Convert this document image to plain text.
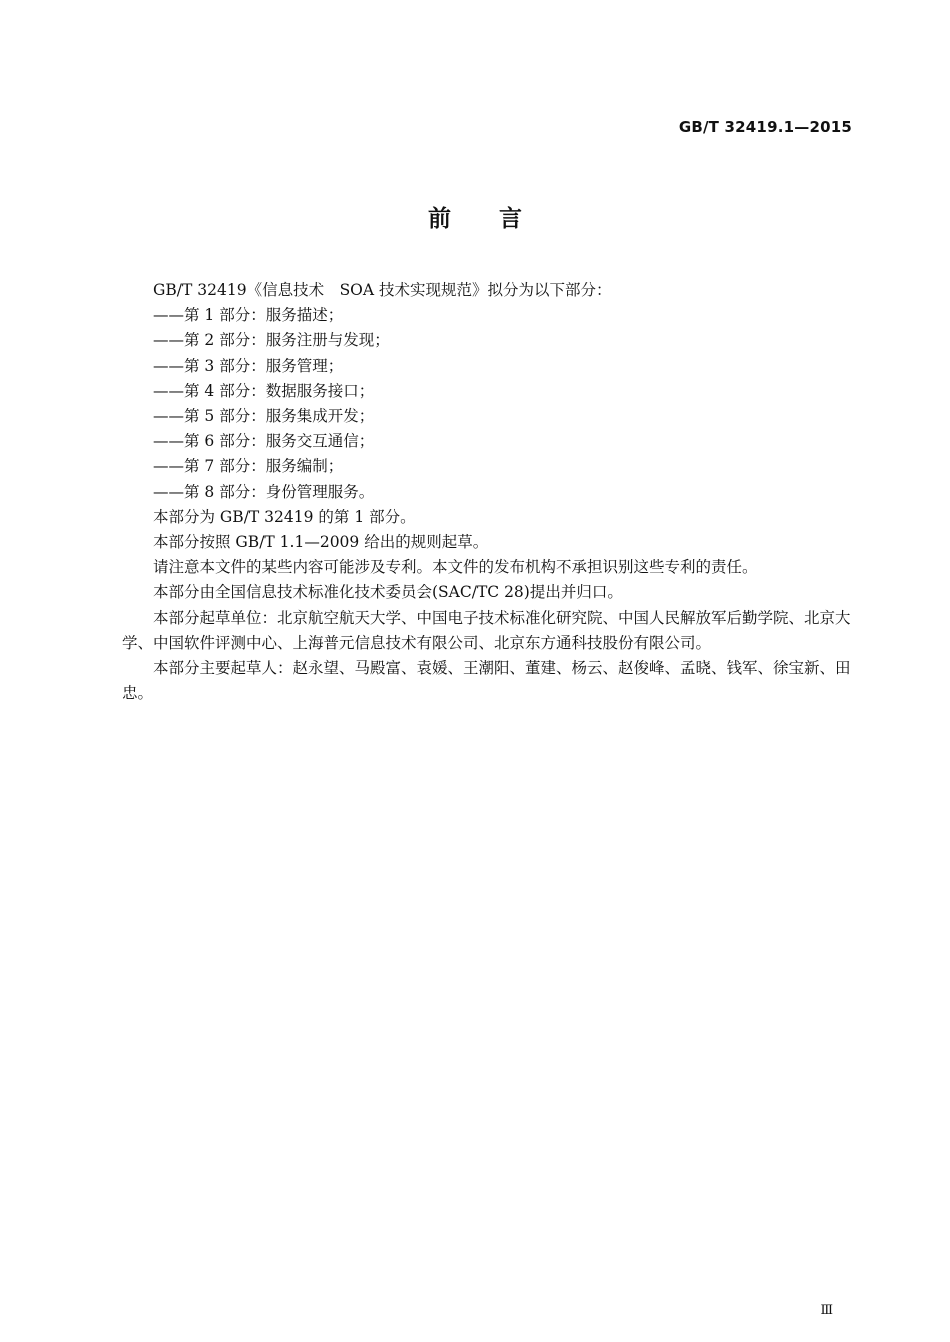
GB/T 32419.1—2015
前言

GB/T 32419《信息技术　SOA 技术实现规范》拟分为以下部分：

——第 1 部分：服务描述；

——第 2 部分：服务注册与发现；

——第 3 部分：服务管理；

——第 4 部分：数据服务接口；

——第 5 部分：服务集成开发；

——第 6 部分：服务交互通信；

——第 7 部分：服务编制；

——第 8 部分：身份管理服务。

本部分为 GB/T 32419 的第 1 部分。

本部分按照 GB/T 1.1—2009 给出的规则起草。

请注意本文件的某些内容可能涉及专利。本文件的发布机构不承担识别这些专利的责任。

本部分由全国信息技术标准化技术委员会(SAC/TC 28)提出并归口。

本部分起草单位：北京航空航天大学、中国电子技术标准化研究院、中国人民解放军后勤学院、北京大学、中国软件评测中心、上海普元信息技术有限公司、北京东方通科技股份有限公司。

本部分主要起草人：赵永望、马殿富、袁媛、王潮阳、董建、杨云、赵俊峰、孟晓、钱军、徐宝新、田忠。

Ⅲ
